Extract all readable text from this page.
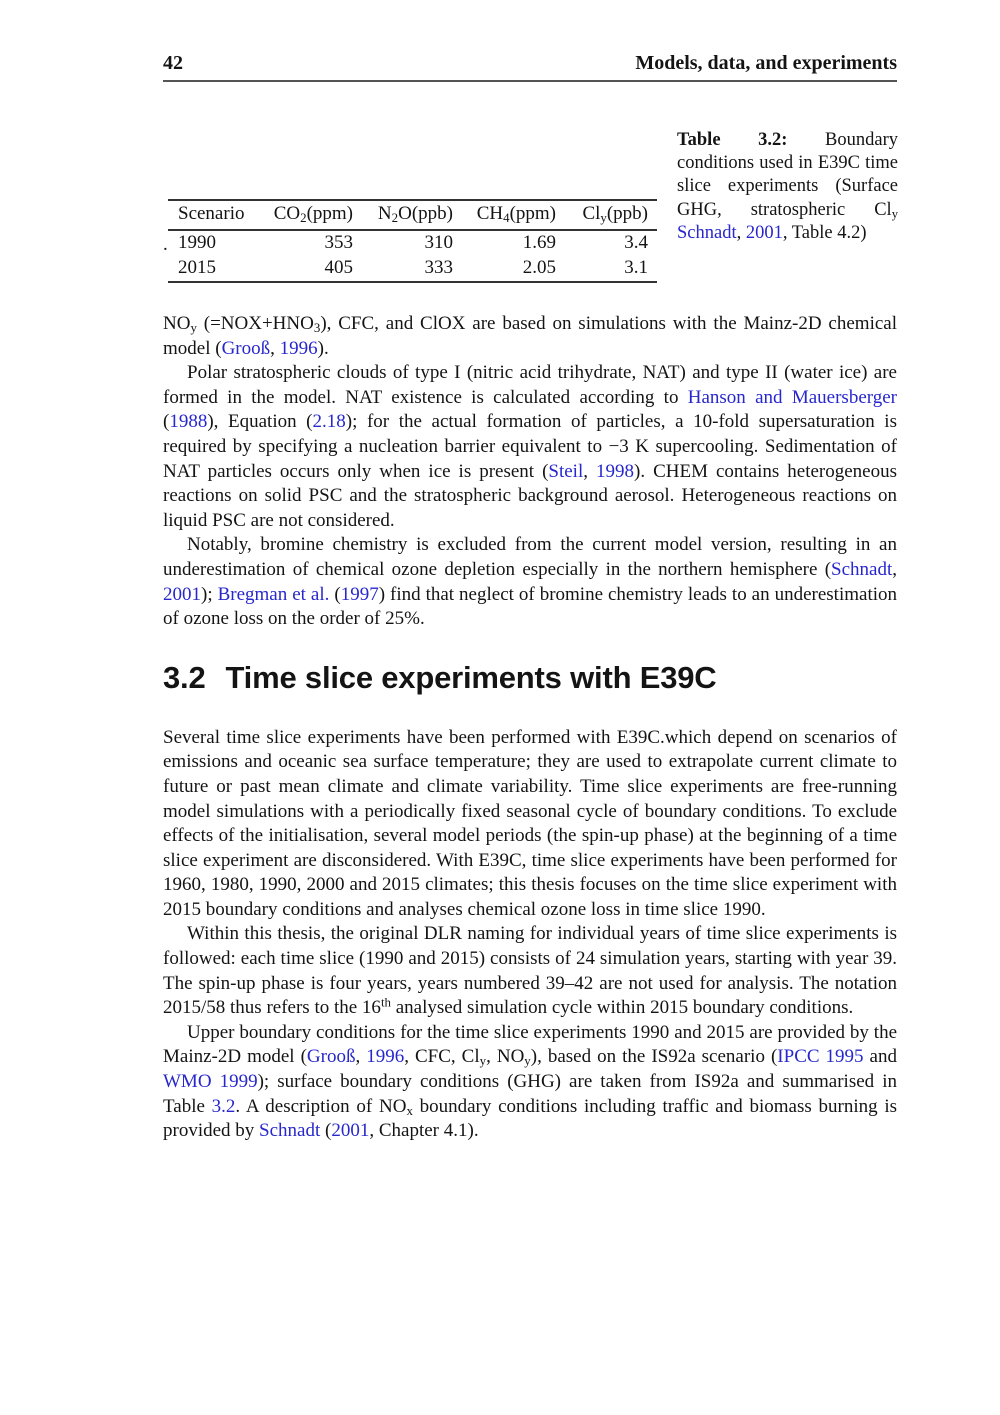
42	Models, data, and experiments
Table 3.2: Boundary conditions used in E39C time slice experiments (Surface GHG, stratospheric Cly Schnadt, 2001, Table 4.2)
.
Scenario	CO2(ppm)	N2O(ppb)	CH4(ppm)	Cly(ppb)
1990	353	310	1.69	3.4
2015	405	333	2.05	3.1

NOy (=NOX+HNO3), CFC, and ClOX are based on simulations with the Mainz-2D chemical model (Grooß, 1996).

Polar stratospheric clouds of type I (nitric acid trihydrate, NAT) and type II (water ice) are formed in the model. NAT existence is calculated according to Hanson and Mauersberger (1988), Equation (2.18); for the actual formation of particles, a 10-fold supersaturation is required by specifying a nucleation barrier equivalent to −3 K supercooling. Sedimentation of NAT particles occurs only when ice is present (Steil, 1998). CHEM contains heterogeneous reactions on solid PSC and the stratospheric background aerosol. Heterogeneous reactions on liquid PSC are not considered.

Notably, bromine chemistry is excluded from the current model version, resulting in an underestimation of chemical ozone depletion especially in the northern hemisphere (Schnadt, 2001); Bregman et al. (1997) find that neglect of bromine chemistry leads to an underestimation of ozone loss on the order of 25%.

3.2 Time slice experiments with E39C

Several time slice experiments have been performed with E39C.which depend on scenarios of emissions and oceanic sea surface temperature; they are used to extrapolate current climate to future or past mean climate and climate variability. Time slice experiments are free-running model simulations with a periodically fixed seasonal cycle of boundary conditions. To exclude effects of the initialisation, several model periods (the spin-up phase) at the beginning of a time slice experiment are disconsidered. With E39C, time slice experiments have been performed for 1960, 1980, 1990, 2000 and 2015 climates; this thesis focuses on the time slice experiment with 2015 boundary conditions and analyses chemical ozone loss in time slice 1990.

Within this thesis, the original DLR naming for individual years of time slice experiments is followed: each time slice (1990 and 2015) consists of 24 simulation years, starting with year 39. The spin-up phase is four years, years numbered 39–42 are not used for analysis. The notation 2015/58 thus refers to the 16th analysed simulation cycle within 2015 boundary conditions.

Upper boundary conditions for the time slice experiments 1990 and 2015 are provided by the Mainz-2D model (Grooß, 1996, CFC, Cly, NOy), based on the IS92a scenario (IPCC 1995 and WMO 1999); surface boundary conditions (GHG) are taken from IS92a and summarised in Table 3.2. A description of NOx boundary conditions including traffic and biomass burning is provided by Schnadt (2001, Chapter 4.1).
